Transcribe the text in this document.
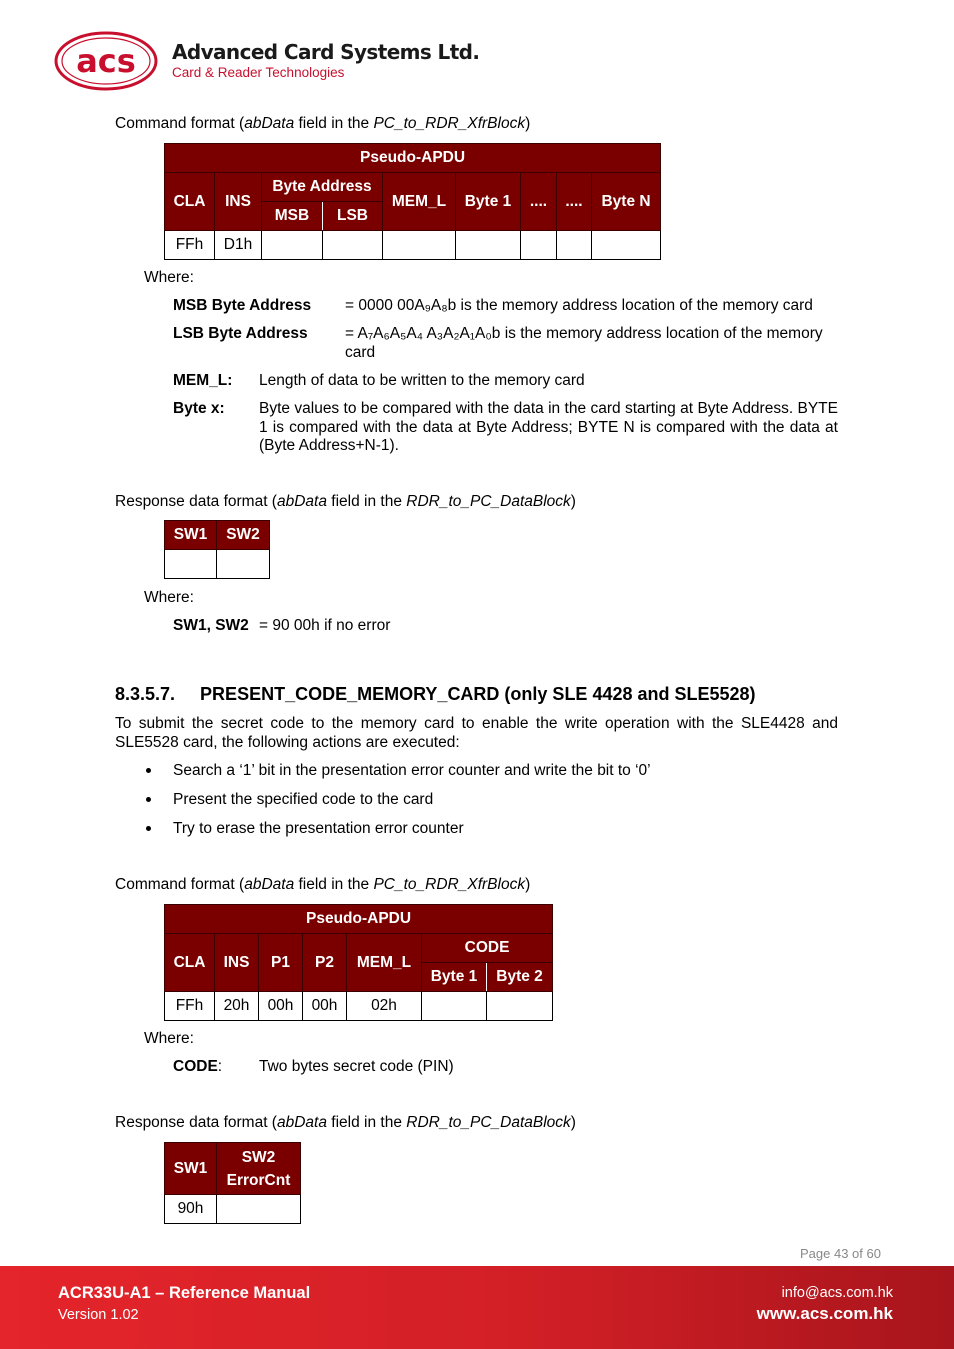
acs Advanced Card Systems Ltd.
Card & Reader Technologies
Command format (abData field in the PC_to_RDR_XfrBlock)
Pseudo-APDU								
CLA	INS	Byte Address		MEM_L	Byte 1	....	....	Byte N
		MSB	LSB					
FFh	D1h							
Where:
MSB Byte Address = 0000 00A₉A₈b is the memory address location of the memory card
LSB Byte Address = A₇A₆A₅A₄ A₃A₂A₁A₀b is the memory address location of the memory
card
MEM_L: Length of data to be written to the memory card
Byte x: Byte values to be compared with the data in the card starting at Byte Address. BYTE 1 is compared with the data at Byte Address; BYTE N is compared with the data at (Byte Address+N-1).
Response data format (abData field in the RDR_to_PC_DataBlock)
SW1	SW2

Where:
SW1, SW2 = 90 00h if no error
8.3.5.7.     PRESENT_CODE_MEMORY_CARD (only SLE 4428 and SLE5528)
To submit the secret code to the memory card to enable the write operation with the SLE4428 and SLE5528 card, the following actions are executed:
Search a ‘1’ bit in the presentation error counter and write the bit to ‘0’
Present the specified code to the card
Try to erase the presentation error counter
Command format (abData field in the PC_to_RDR_XfrBlock)
Pseudo-APDU						
CLA	INS	P1	P2	MEM_L	CODE	
					Byte 1	Byte 2
FFh	20h	00h	00h	02h		
Where:
CODE: Two bytes secret code (PIN)
Response data format (abData field in the RDR_to_PC_DataBlock)
SW1	SW2
ErrorCnt
90h	
Page 43 of 60
ACR33U-A1 – Reference Manual
Version 1.02
info@acs.com.hk
www.acs.com.hk
